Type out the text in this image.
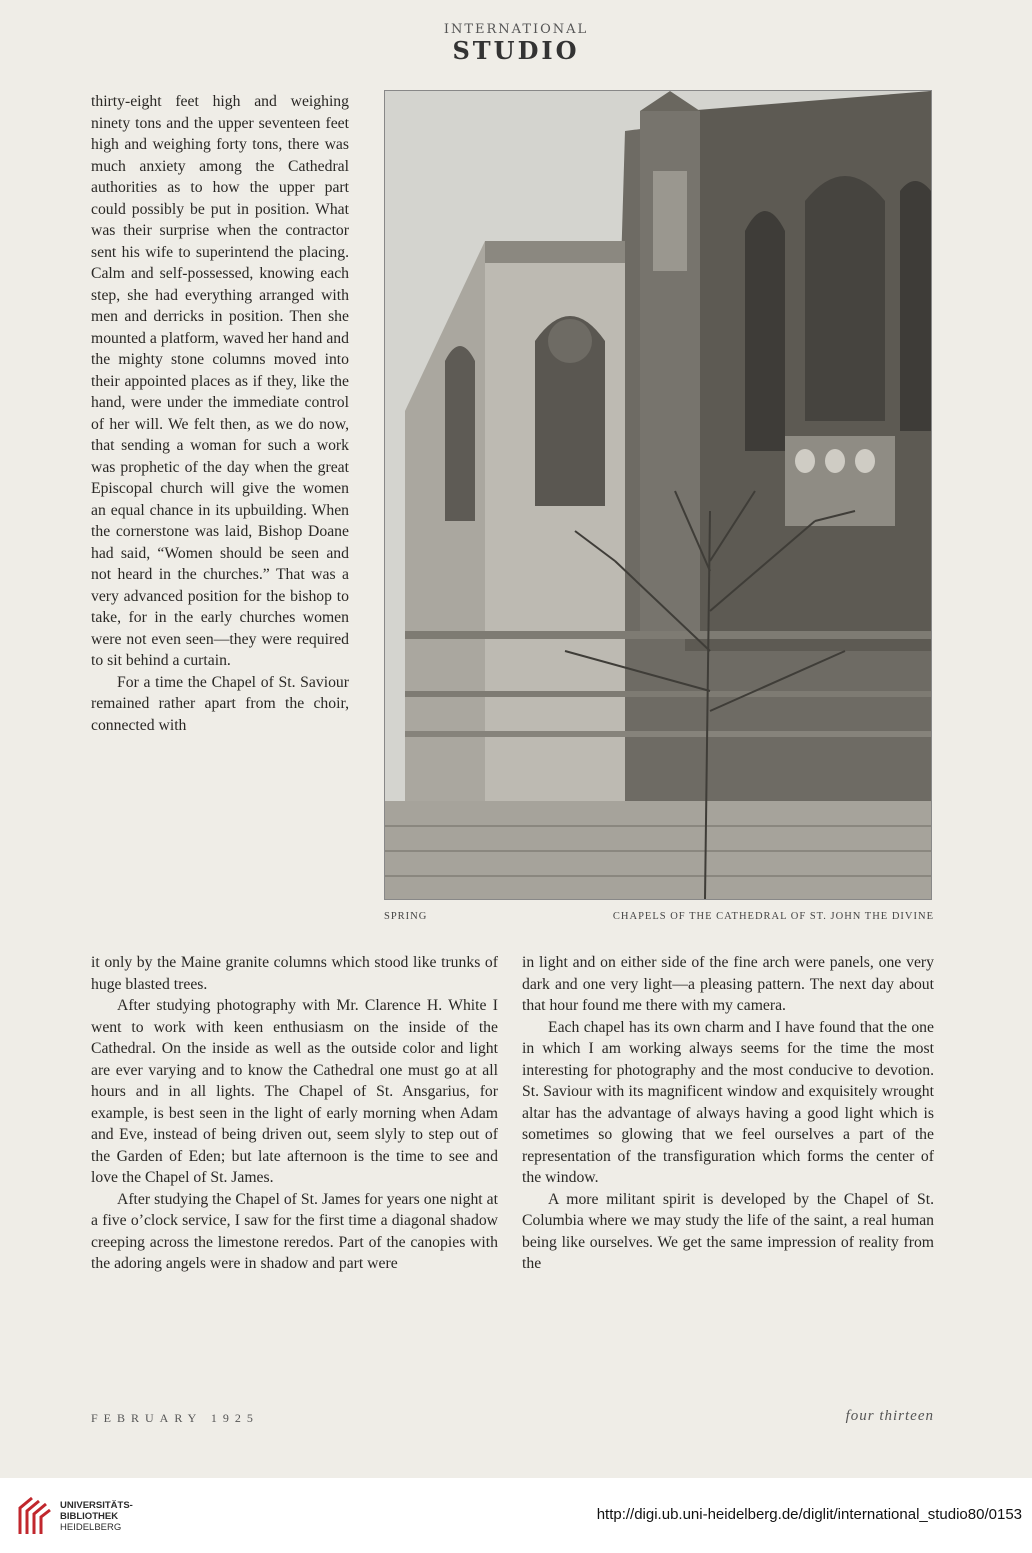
INTERNATIONAL
STUDIO

thirty-eight feet high and weighing ninety tons and the upper seventeen feet high and weighing forty tons, there was much anxiety among the Cathedral authorities as to how the upper part could possibly be put in position. What was their surprise when the contractor sent his wife to superintend the placing. Calm and self-possessed, knowing each step, she had everything arranged with men and derricks in position. Then she mounted a platform, waved her hand and the mighty stone columns moved into their appointed places as if they, like the hand, were under the immediate control of her will. We felt then, as we do now, that sending a woman for such a work was prophetic of the day when the great Episcopal church will give the women an equal chance in its upbuilding. When the cornerstone was laid, Bishop Doane had said, “Women should be seen and not heard in the churches.” That was a very advanced position for the bishop to take, for in the early churches women were not even seen—they were required to sit behind a curtain.

For a time the Chapel of St. Saviour remained rather apart from the choir, connected with

SPRING	CHAPELS OF THE CATHEDRAL OF ST. JOHN THE DIVINE

it only by the Maine granite columns which stood like trunks of huge blasted trees.

After studying photography with Mr. Clarence H. White I went to work with keen enthusiasm on the inside of the Cathedral. On the inside as well as the outside color and light are ever varying and to know the Cathedral one must go at all hours and in all lights. The Chapel of St. Ansgarius, for example, is best seen in the light of early morning when Adam and Eve, instead of being driven out, seem slyly to step out of the Garden of Eden; but late afternoon is the time to see and love the Chapel of St. James.

After studying the Chapel of St. James for years one night at a five o’clock service, I saw for the first time a diagonal shadow creeping across the limestone reredos. Part of the canopies with the adoring angels were in shadow and part were

in light and on either side of the fine arch were panels, one very dark and one very light—a pleasing pattern. The next day about that hour found me there with my camera.

Each chapel has its own charm and I have found that the one in which I am working always seems for the time the most interesting for photography and the most conducive to devotion. St. Saviour with its magnificent window and exquisitely wrought altar has the advantage of always having a good light which is sometimes so glowing that we feel ourselves a part of the representation of the transfiguration which forms the center of the window.

A more militant spirit is developed by the Chapel of St. Columbia where we may study the life of the saint, a real human being like ourselves. We get the same impression of reality from the

FEBRUARY 1925	four thirteen
UNIVERSITÄTS-
BIBLIOTHEK
HEIDELBERG
http://digi.ub.uni-heidelberg.de/diglit/international_studio80/0153
